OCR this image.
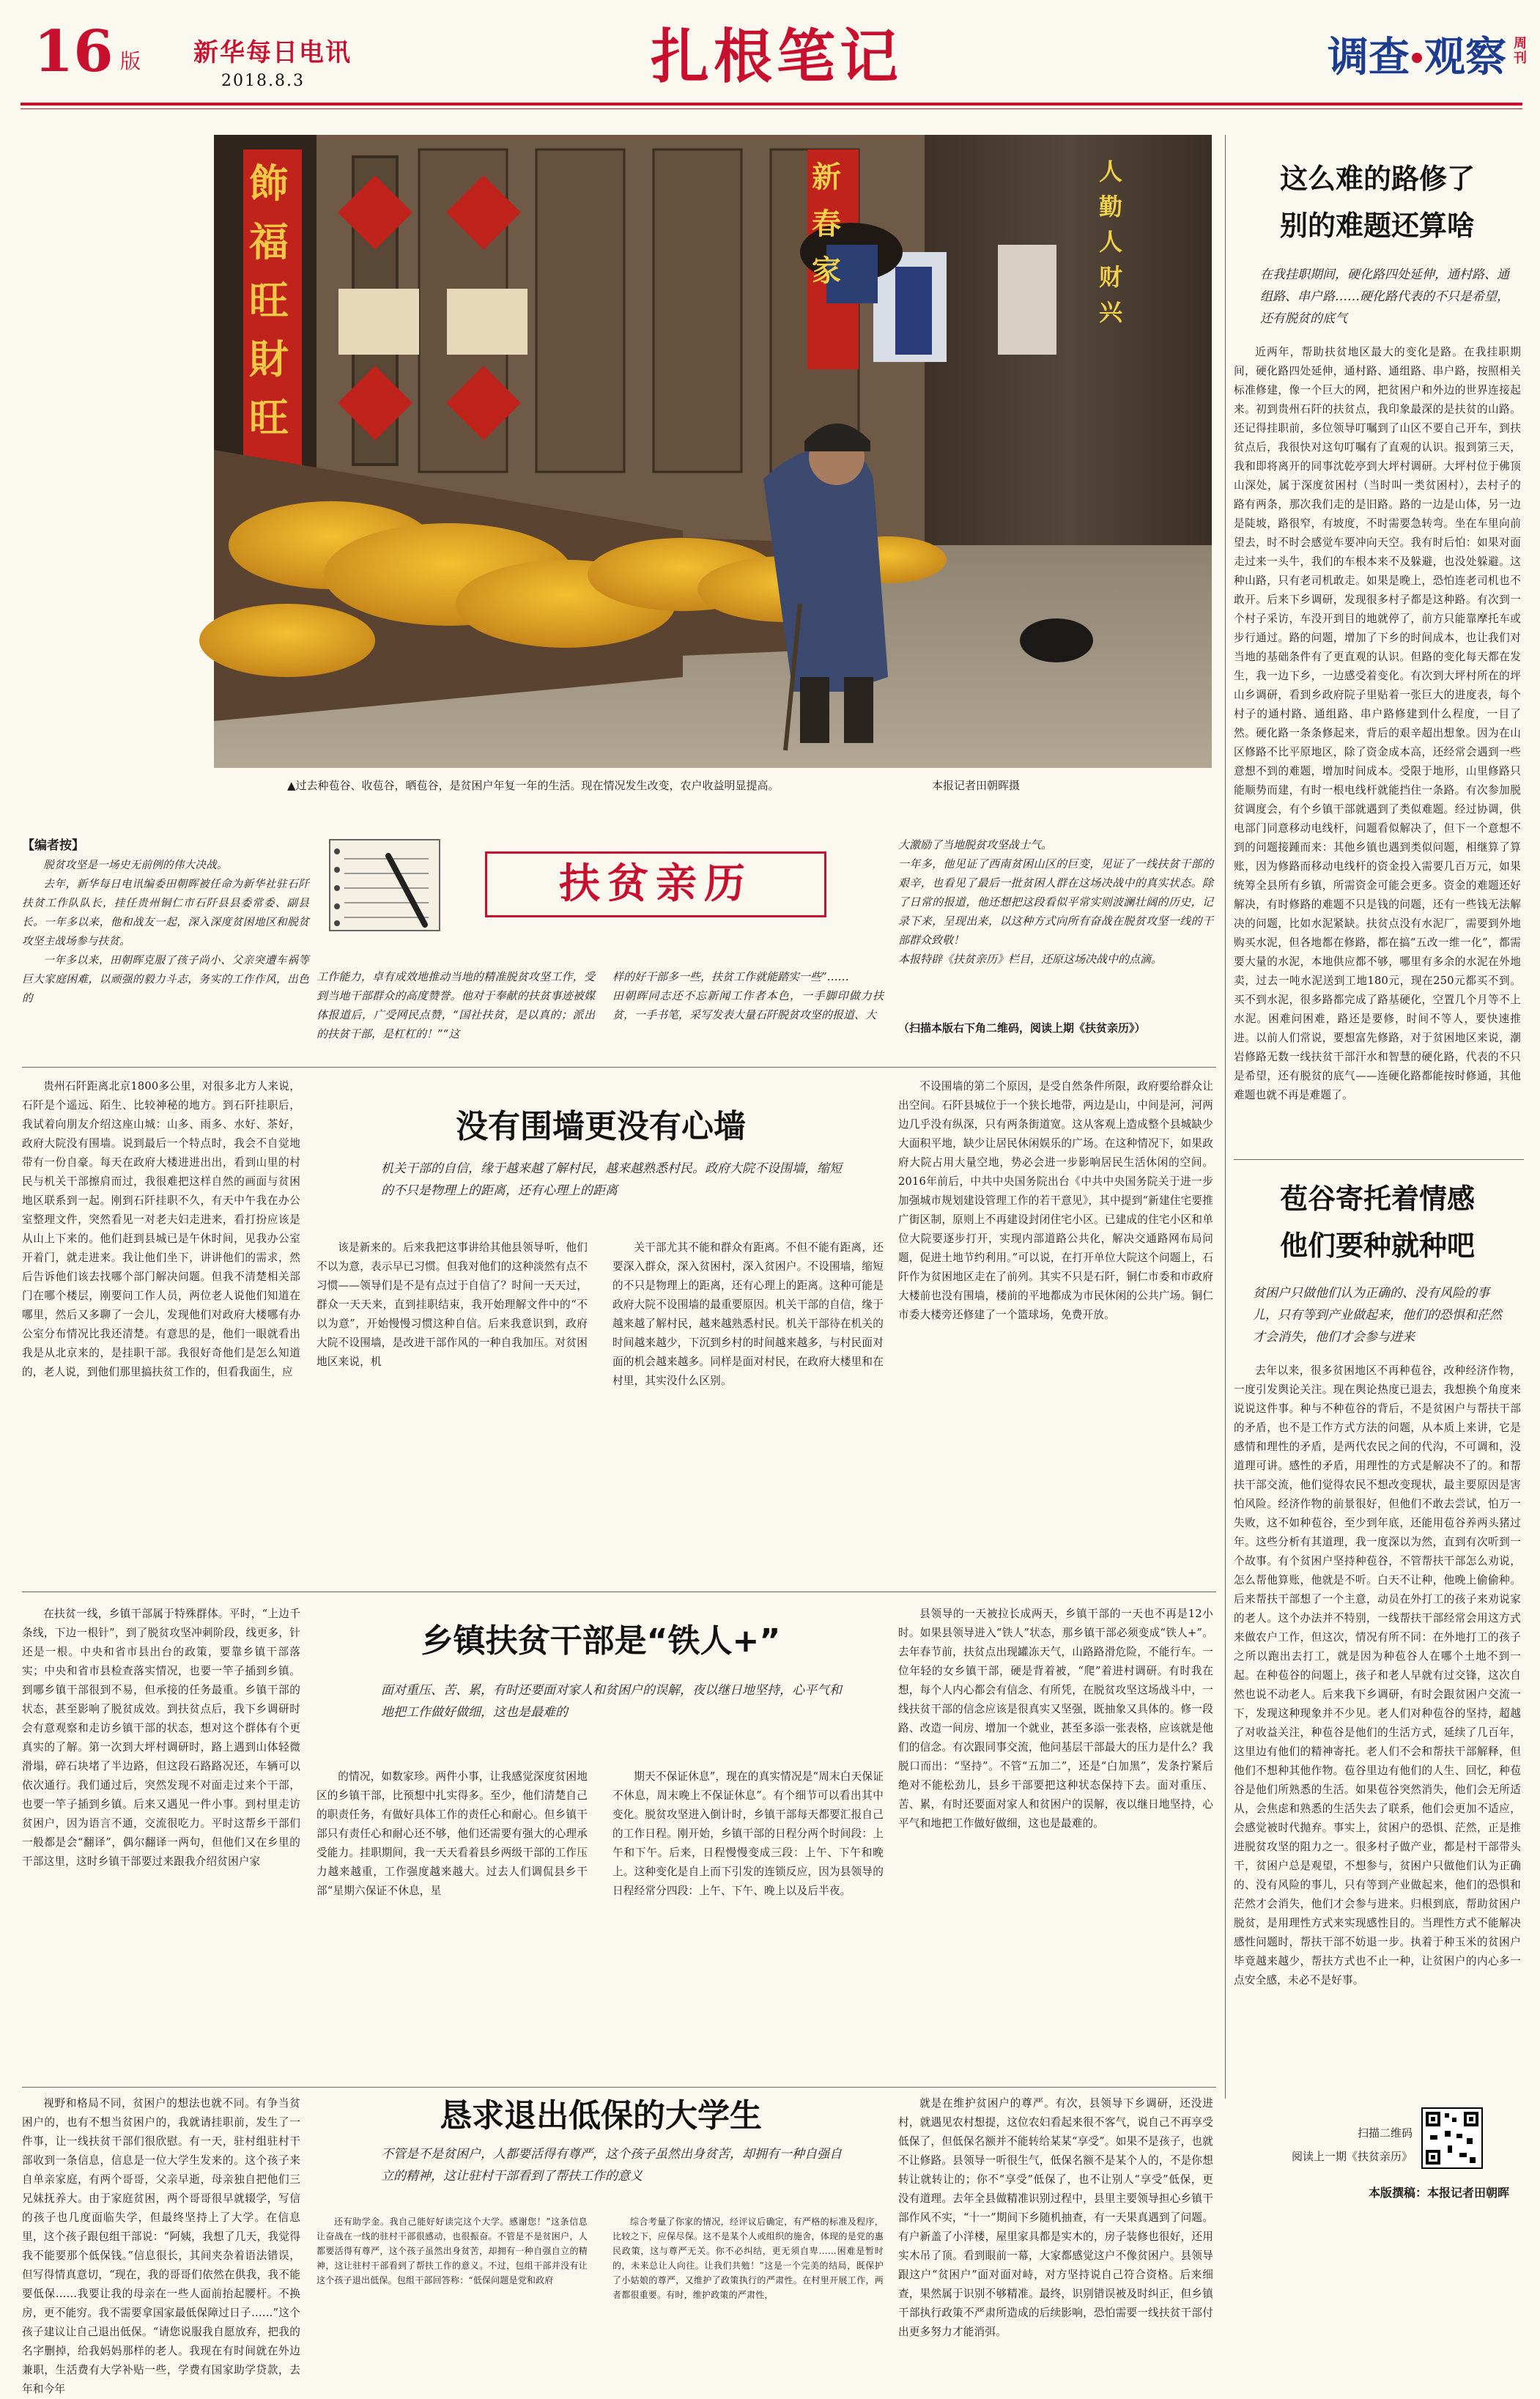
16 版 新华每日电讯
2018.8.3	扎根笔记	调查 观察 周刊
▲过去种苞谷、收苞谷，晒苞谷，是贫困户年复一年的生活。现在情况发生改变，农户收益明显提高。	本报记者田朝晖摄
这么难的路修了
别的难题还算啥

在我挂职期间，硬化路四处延伸，通村路、通组路、串户路……硬化路代表的不只是希望，还有脱贫的底气

近两年，帮助扶贫地区最大的变化是路。在我挂职期间，硬化路四处延伸，通村路、通组路、串户路，按照相关标准修建，像一个巨大的网，把贫困户和外边的世界连接起来。初到贵州石阡的扶贫点，我印象最深的是扶贫的山路。还记得挂职前，多位领导叮嘱到了山区不要自己开车，到扶贫点后，我很快对这句叮嘱有了直观的认识。报到第三天，我和即将离开的同事沈乾亭到大坪村调研。大坪村位于佛顶山深处，属于深度贫困村（当时叫一类贫困村），去村子的路有两条，那次我们走的是旧路。路的一边是山体，另一边是陡坡，路很窄，有坡度，不时需要急转弯。坐在车里向前望去，时不时会感觉车要冲向天空。我有时后怕：如果对面走过来一头牛，我们的车根本来不及躲避，也没处躲避。这种山路，只有老司机敢走。如果是晚上，恐怕连老司机也不敢开。后来下乡调研，发现很多村子都是这种路。有次到一个村子采访，车没开到目的地就停了，前方只能靠摩托车或步行通过。路的问题，增加了下乡的时间成本，也让我们对当地的基础条件有了更直观的认识。但路的变化每天都在发生，我一边下乡，一边感受着变化。有次到大坪村所在的坪山乡调研，看到乡政府院子里贴着一张巨大的进度表，每个村子的通村路、通组路、串户路修建到什么程度，一目了然。硬化路一条条修起来，背后的艰辛超出想象。因为在山区修路不比平原地区，除了资金成本高，还经常会遇到一些意想不到的难题，增加时间成本。受限于地形，山里修路只能顺势而建，有时一根电线杆就能挡住一条路。有次参加脱贫调度会，有个乡镇干部就遇到了类似难题。经过协调，供电部门同意移动电线杆，问题看似解决了，但下一个意想不到的问题接踵而来：其他乡镇也遇到类似问题，相继算了算账，因为修路而移动电线杆的资金投入需要几百万元，如果统筹全县所有乡镇，所需资金可能会更多。资金的难题还好解决，有时修路的难题不只是钱的问题，还有一些钱无法解决的问题，比如水泥紧缺。扶贫点没有水泥厂，需要到外地购买水泥，但各地都在修路，都在搞“五改一维一化”，都需要大量的水泥，本地供应都不够，哪里有多余的水泥在外地卖，过去一吨水泥送到工地180元，现在250元都买不到。买不到水泥，很多路都完成了路基硬化，空置几个月等不上水泥。困难问困难，路还是要修，时间不等人，要快速推进。以前人们常说，要想富先修路，对于贫困地区来说，潮岩修路无数一线扶贫干部汗水和智慧的硬化路，代表的不只是希望，还有脱贫的底气——连硬化路都能按时修通，其他难题也就不再是难题了。

苞谷寄托着情感
他们要种就种吧

贫困户只做他们认为正确的、没有风险的事儿，只有等到产业做起来，他们的恐惧和茫然才会消失，他们才会参与进来

去年以来，很多贫困地区不再种苞谷，改种经济作物，一度引发舆论关注。现在舆论热度已退去，我想换个角度来说说这件事。种与不种苞谷的背后，不是贫困户与帮扶干部的矛盾，也不是工作方式方法的问题，从本质上来讲，它是感情和理性的矛盾，是两代农民之间的代沟，不可调和，没道理可讲。感性的矛盾，用理性的方式是解决不了的。和帮扶干部交流，他们觉得农民不想改变现状，最主要原因是害怕风险。经济作物的前景很好，但他们不敢去尝试，怕万一失败，这不如种苞谷，至少到年底，还能用苞谷养两头猪过年。这些分析有其道理，我一度深以为然，直到有次听到一个故事。有个贫困户坚持种苞谷，不管帮扶干部怎么劝说，怎么帮他算账，他就是不听。白天不让种，他晚上偷偷种。后来帮扶干部想了一个主意，动员在外打工的孩子来劝说家的老人。这个办法并不特别，一线帮扶干部经常会用这方式来做农户工作，但这次，情况有所不同：在外地打工的孩子之所以跑出去打工，就是因为种苞谷人在哪个土地不到一起。在种苞谷的问题上，孩子和老人早就有过交锋，这次自然也说不动老人。后来我下乡调研，有时会跟贫困户交流一下，发现这种现象并不少见。老人们对种苞谷的坚持，超越了对收益关注，种苞谷是他们的生活方式，延续了几百年，这里边有他们的精神寄托。老人们不会和帮扶干部解释，但他们不想种其他作物。苞谷里边有他们的人生、回忆，种苞谷是他们所熟悉的生活。如果苞谷突然消失，他们会无所适从，会焦虑和熟悉的生活失去了联系，他们会更加不适应，会感觉被时代抛弃。事实上，贫困户的恐惧、茫然，正是推进脱贫攻坚的阻力之一。很多村子做产业，都是村干部带头干，贫困户总是观望，不想参与，贫困户只做他们认为正确的、没有风险的事儿，只有等到产业做起来，他们的恐惧和茫然才会消失，他们才会参与进来。归根到底，帮助贫困户脱贫，是用理性方式来实现感性目的。当理性方式不能解决感性问题时，帮扶干部不妨退一步。执着于种玉米的贫困户毕竟越来越少，帮扶方式也不止一种，让贫困户的内心多一点安全感，未必不是好事。

扫描二维码
阅读上一期《扶贫亲历》
本版撰稿：本报记者田朝晖
【编者按】

脱贫攻坚是一场史无前例的伟大决战。

去年，新华每日电讯编委田朝晖被任命为新华社驻石阡扶贫工作队队长，挂任贵州铜仁市石阡县县委常委、副县长。一年多以来，他和战友一起，深入深度贫困地区和脱贫攻坚主战场参与扶贫。

一年多以来，田朝晖克服了孩子尚小、父亲突遭车祸等巨大家庭困难，以顽强的毅力斗志，务实的工作作风，出色的

扶贫亲历
工作能力，卓有成效地推动当地的精准脱贫攻坚工作，受到当地干部群众的高度赞誉。他对于奉献的扶贫事迹被媒体报道后，广受网民点赞，“国社扶贫，是以真的；派出的扶贫干部，是杠杠的！”“这
样的好干部多一些，扶贫工作就能踏实一些”……
田朝晖同志还不忘新闻工作者本色，一手脚印做力扶贫，一手书笔，采写发表大量石阡脱贫攻坚的报道、大
大激励了当地脱贫攻坚战士气。
一年多，他见证了西南贫困山区的巨变，见证了一线扶贫干部的艰辛，也看见了最后一批贫困人群在这场决战中的真实状态。除了日常的报道，他还想把这段看似平常实则波澜壮阔的历史，记录下来，呈现出来，以这种方式向所有奋战在脱贫攻坚一线的干部群众致敬！
本报特辟《扶贫亲历》栏目，还原这场决战中的点滴。
（扫描本版右下角二维码，阅读上期《扶贫亲历》）
没有围墙更没有心墙
机关干部的自信，缘于越来越了解村民，越来越熟悉村民。政府大院不设围墙，缩短的不只是物理上的距离，还有心理上的距离
贵州石阡距离北京1800多公里，对很多北方人来说，石阡是个遥远、陌生、比较神秘的地方。到石阡挂职后，我试着向朋友介绍这座山城：山多、雨多、水好、茶好，政府大院没有围墙。说到最后一个特点时，我会不自觉地带有一份自豪。每天在政府大楼进进出出，看到山里的村民与机关干部擦肩而过，我很难把这样自然的画面与贫困地区联系到一起。刚到石阡挂职不久，有天中午我在办公室整理文件，突然看见一对老夫妇走进来，看打扮应该是从山上下来的。他们赶到县城已是午休时间，见我办公室开着门，就走进来。我让他们坐下，讲讲他们的需求，然后告诉他们该去找哪个部门解决问题。但我不清楚相关部门在哪个楼层，刚要问工作人员，两位老人说他们知道在哪里，然后又多聊了一会儿，发现他们对政府大楼哪有办公室分布情况比我还清楚。有意思的是，他们一眼就看出我是从北京来的，是挂职干部。我很好奇他们是怎么知道的，老人说，到他们那里搞扶贫工作的，但看我面生，应
该是新来的。后来我把这事讲给其他县领导听，他们不以为意，表示早已习惯。但我对他们的这种淡然有点不习惯——领导们是不是有点过于自信了？时间一天天过，群众一天天来，直到挂职结束，我开始理解文件中的“不以为意”，开始慢慢习惯这种自信。后来我意识到，政府大院不设围墙，是改进干部作风的一种自我加压。对贫困地区来说，机
关干部尤其不能和群众有距离。不但不能有距离，还要深入群众，深入贫困村，深入贫困户。不设围墙，缩短的不只是物理上的距离，还有心理上的距离。这种可能是政府大院不设围墙的最重要原因。机关干部的自信，缘于越来越了解村民，越来越熟悉村民。机关干部待在机关的时间越来越少，下沉到乡村的时间越来越多，与村民面对面的机会越来越多。同样是面对村民，在政府大楼里和在村里，其实没什么区别。
不设围墙的第二个原因，是受自然条件所限，政府要给群众让出空间。石阡县城位于一个狭长地带，两边是山，中间是河，河两边几乎没有纵深，只有两条街道宽。这从客观上造成整个县城缺少大面积平地，缺少让居民休闲娱乐的广场。在这种情况下，如果政府大院占用大量空地，势必会进一步影响居民生活休闲的空间。2016年前后，中共中央国务院出台《中共中央国务院关于进一步加强城市规划建设管理工作的若干意见》，其中提到“新建住宅要推广街区制，原则上不再建设封闭住宅小区。已建成的住宅小区和单位大院要逐步打开，实现内部道路公共化，解决交通路网布局问题，促进土地节约利用。”可以说，在打开单位大院这个问题上，石阡作为贫困地区走在了前列。其实不只是石阡，铜仁市委和市政府大楼前也没有围墙，楼前的平地都成为市民休闲的公共广场。铜仁市委大楼旁还修建了一个篮球场，免费开放。
乡镇扶贫干部是“铁人+”
面对重压、苦、累，有时还要面对家人和贫困户的误解，夜以继日地坚持，心平气和地把工作做好做细，这也是最难的
在扶贫一线，乡镇干部属于特殊群体。平时，“上边千条线，下边一根针”，到了脱贫攻坚冲刺阶段，线更多，针还是一根。中央和省市县出台的政策，要靠乡镇干部落实；中央和省市县检查落实情况，也要一竿子插到乡镇。到哪乡镇干部很到不易，但承接的任务最重。乡镇干部的状态，甚至影响了脱贫成效。到扶贫点后，我下乡调研时会有意观察和走访乡镇干部的状态，想对这个群体有个更真实的了解。第一次到大坪村调研时，路上遇到山体轻微滑塌，碎石块堵了半边路，但这段石路路况还，车辆可以依次通行。我们通过后，突然发现不对面走过来个干部，也要一竿子插到乡镇。后来又遇见一件小事。到村里走访贫困户，因为语言不通，交流很吃力。平时这帮乡干部们一般都是会“翻译”，偶尔翻译一两句，但他们又在乡里的干部这里，这时乡镇干部要过来跟我介绍贫困户家
的情况，如数家珍。两件小事，让我感觉深度贫困地区的乡镇干部，比预想中扎实得多。至少，他们清楚自己的职责任务，有做好具体工作的责任心和耐心。但乡镇干部只有责任心和耐心还不够，他们还需要有强大的心理承受能力。挂职期间，我一天天看着县乡两级干部的工作压力越来越重，工作强度越来越大。过去人们调侃县乡干部“星期六保证不休息，星
期天不保证休息”，现在的真实情况是“周末白天保证不休息，周末晚上不保证休息”。有个细节可以看出其中变化。脱贫攻坚进入倒计时，乡镇干部每天都要汇报自己的工作日程。刚开始，乡镇干部的日程分两个时间段：上午和下午。后来，日程慢慢变成三段：上午、下午和晚上。这种变化是自上而下引发的连锁反应，因为县领导的日程经常分四段：上午、下午、晚上以及后半夜。
县领导的一天被拉长成两天，乡镇干部的一天也不再是12小时。如果县领导进入“铁人”状态，那乡镇干部必须变成“铁人+”。去年春节前，扶贫点出现罐冻天气，山路路滑危险，不能行车。一位年轻的女乡镇干部，硬是背着被，“爬”着进村调研。有时我在想，每个人内心都会有信念、有所凭，在脱贫攻坚这场战斗中，一线扶贫干部的信念应该是很真实又坚强，既抽象又具体的。修一段路、改造一间房、增加一个就业，甚至多添一张表格，应该就是他们的信念。有次跟同事交流，他问基层干部最大的压力是什么？我脱口而出：“坚持”。不管“五加二”，还是“白加黑”，发条拧紧后绝对不能松劲儿，县乡干部要把这种状态保持下去。面对重压、苦、累，有时还要面对家人和贫困户的误解，夜以继日地坚持，心平气和地把工作做好做细，这也是最难的。
恳求退出低保的大学生
不管是不是贫困户，人都要活得有尊严，这个孩子虽然出身贫苦，却拥有一种自强自立的精神，这让驻村干部看到了帮扶工作的意义
视野和格局不同，贫困户的想法也就不同。有争当贫困户的，也有不想当贫困户的，我就请挂职前，发生了一件事，让一线扶贫干部们很欣慰。有一天，驻村组驻村干部收到一条信息，信息是一位大学生发来的。这个孩子来自单亲家庭，有两个哥哥，父亲早逝，母亲独自把他们三兄妹抚养大。由于家庭贫困，两个哥哥很早就辍学，写信的孩子也几度面临失学，但最终坚持上了大学。在信息里，这个孩子跟包组干部说：“阿姨，我想了几天，我觉得我不能要那个低保钱。”信息很长，其间夹杂着语法错误，但写得情真意切，“现在，我的哥哥们依然在供我，我不能要低保……我要让我的母亲在一些人面前抬起腰杆。不换房，更不能穷。我不需要拿国家最低保障过日子……”这个孩子建议让自己退出低保。“请您说服我自愿放弃，把我的名字删掉，给我妈妈那样的老人。我现在有时间就在外边兼职，生活费有大学补贴一些，学费有国家助学贷款，去年和今年
就是在维护贫困户的尊严。有次，县领导下乡调研，还没进村，就遇见农村想提，这位农妇看起来很不客气，说自己不再享受低保了，但低保名额并不能转给某某“享受”。如果不是孩子，也就不让修路。县领导一听很生气，低保名额不是某个人的，不是你想转让就转让的；你不“享受”低保了，也不让别人“享受”低保，更没有道理。去年全县做精准识别过程中，县里主要领导担心乡镇干部作风不实，“十一”期间下乡随机抽查，有一天果真遇到了问题。有户新盖了小洋楼，屋里家具都是实木的，房子装修也很好，还用实木吊了顶。看到眼前一幕，大家都感觉这户不像贫困户。县领导跟这户“贫困户”面对面对峙，对方坚持说自己符合资格。后来细查，果然属于识别不够精准。最终，识别错误被及时纠正，但乡镇干部执行政策不严肃所造成的后续影响，恐怕需要一线扶贫干部付出更多努力才能消弭。
还有助学金。我自己能好好读完这个大学。感谢您！”这条信息让奋战在一线的驻村干部很感动，也很振奋。不管是不是贫困户，人都要活得有尊严，这个孩子虽然出身贫苦，却拥有一种自强自立的精神，这让驻村干部看到了帮扶工作的意义。不过，包组干部并没有让这个孩子退出低保。包组干部回答称：“低保问题是党和政府
综合考量了你家的情况，经评议后确定，有严格的标准及程序，比较之下，应保尽保。这不是某个人或组织的施舍，体现的是党的惠民政策，这与尊严无关。你不必纠结，更无须自卑……困难是暂时的，未来总让人向往。让我们共勉！”这是一个完美的结局，既保护了小姑娘的尊严，又维护了政策执行的严肃性。在村里开展工作，两者都很重要。有时，维护政策的严肃性，
飾福旺財旺
新春家
人勤人财兴
